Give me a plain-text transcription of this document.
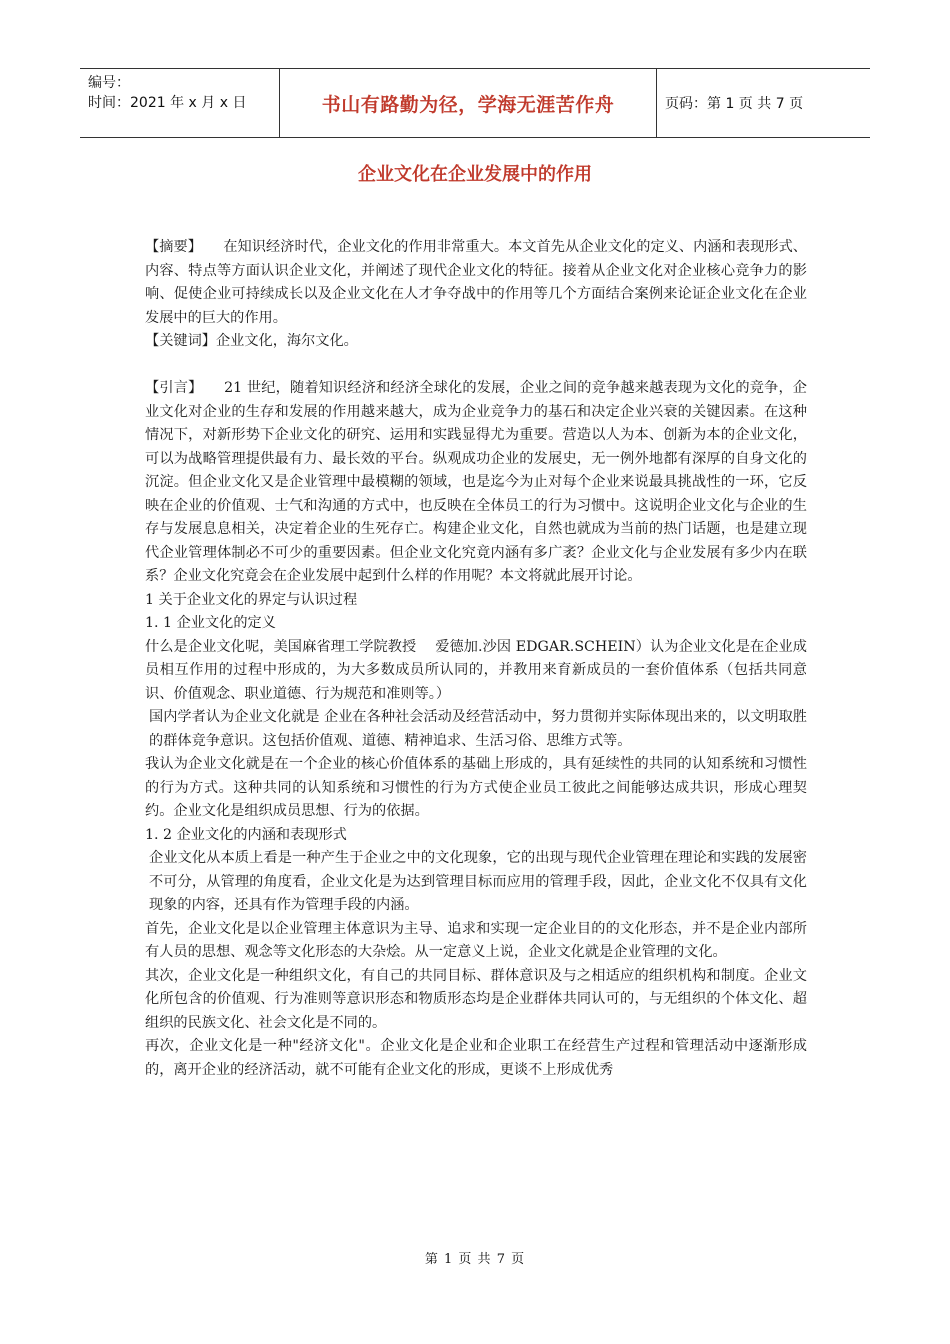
编号：
时间：2021 年 x 月 x 日	书山有路勤为径，学海无涯苦作舟	页码：第 1 页 共 7 页
企业文化在企业发展中的作用

【摘要】　　在知识经济时代，企业文化的作用非常重大。本文首先从企业文化的定义、内涵和表现形式、内容、特点等方面认识企业文化，并阐述了现代企业文化的特征。接着从企业文化对企业核心竞争力的影响、促使企业可持续成长以及企业文化在人才争夺战中的作用等几个方面结合案例来论证企业文化在企业发展中的巨大的作用。

【关键词】企业文化，海尔文化。

【引言】　　21 世纪，随着知识经济和经济全球化的发展，企业之间的竞争越来越表现为文化的竞争，企业文化对企业的生存和发展的作用越来越大，成为企业竞争力的基石和决定企业兴衰的关键因素。在这种情况下，对新形势下企业文化的研究、运用和实践显得尤为重要。营造以人为本、创新为本的企业文化，可以为战略管理提供最有力、最长效的平台。纵观成功企业的发展史，无一例外地都有深厚的自身文化的沉淀。但企业文化又是企业管理中最模糊的领域，也是迄今为止对每个企业来说最具挑战性的一环，它反映在企业的价值观、士气和沟通的方式中，也反映在全体员工的行为习惯中。这说明企业文化与企业的生存与发展息息相关，决定着企业的生死存亡。构建企业文化，自然也就成为当前的热门话题，也是建立现代企业管理体制必不可少的重要因素。但企业文化究竟内涵有多广袤？企业文化与企业发展有多少内在联系？企业文化究竟会在企业发展中起到什么样的作用呢？本文将就此展开讨论。

1 关于企业文化的界定与认识过程

1. 1 企业文化的定义

什么是企业文化呢，美国麻省理工学院教授　 爱德加.沙因 EDGAR.SCHEIN）认为企业文化是在企业成员相互作用的过程中形成的，为大多数成员所认同的，并教用来育新成员的一套价值体系（包括共同意识、价值观念、职业道德、行为规范和准则等。）

国内学者认为企业文化就是 企业在各种社会活动及经营活动中，努力贯彻并实际体现出来的，以文明取胜的群体竞争意识。这包括价值观、道德、精神追求、生活习俗、思维方式等。

我认为企业文化就是在一个企业的核心价值体系的基础上形成的，具有延续性的共同的认知系统和习惯性的行为方式。这种共同的认知系统和习惯性的行为方式使企业员工彼此之间能够达成共识，形成心理契约。企业文化是组织成员思想、行为的依据。

1. 2 企业文化的内涵和表现形式

企业文化从本质上看是一种产生于企业之中的文化现象，它的出现与现代企业管理在理论和实践的发展密不可分，从管理的角度看，企业文化是为达到管理目标而应用的管理手段，因此，企业文化不仅具有文化现象的内容，还具有作为管理手段的内涵。

首先，企业文化是以企业管理主体意识为主导、追求和实现一定企业目的的文化形态，并不是企业内部所有人员的思想、观念等文化形态的大杂烩。从一定意义上说，企业文化就是企业管理的文化。

其次，企业文化是一种组织文化，有自己的共同目标、群体意识及与之相适应的组织机构和制度。企业文化所包含的价值观、行为准则等意识形态和物质形态均是企业群体共同认可的，与无组织的个体文化、超组织的民族文化、社会文化是不同的。

再次，企业文化是一种"经济文化"。企业文化是企业和企业职工在经营生产过程和管理活动中逐渐形成的，离开企业的经济活动，就不可能有企业文化的形成，更谈不上形成优秀

第 1 页 共 7 页
